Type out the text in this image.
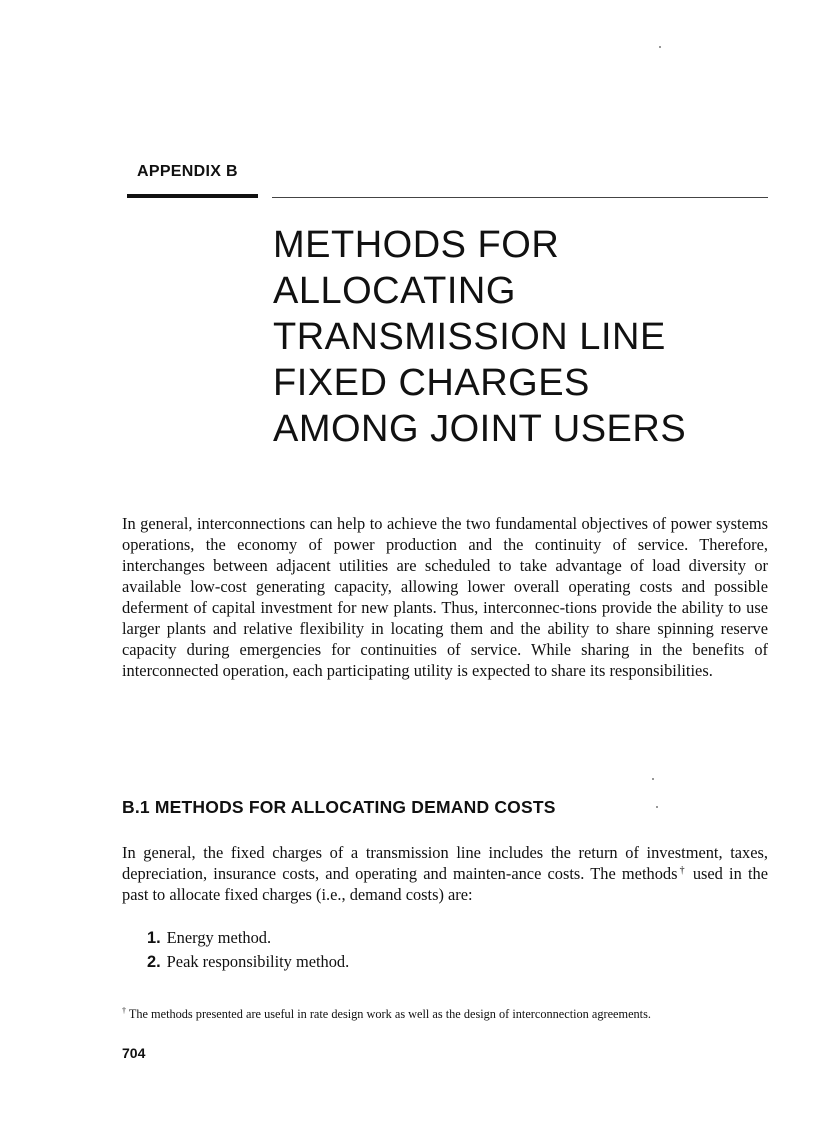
APPENDIX B
METHODS FOR
ALLOCATING
TRANSMISSION LINE
FIXED CHARGES
AMONG JOINT USERS

In general, interconnections can help to achieve the two fundamental objectives of power systems operations, the economy of power production and the continuity of service. Therefore, interchanges between adjacent utilities are scheduled to take advantage of load diversity or available low-cost generating capacity, allowing lower overall operating costs and possible deferment of capital investment for new plants. Thus, interconnec-tions provide the ability to use larger plants and relative flexibility in locating them and the ability to share spinning reserve capacity during emergencies for continuities of service. While sharing in the benefits of interconnected operation, each participating utility is expected to share its responsibilities.

B.1 METHODS FOR ALLOCATING DEMAND COSTS

In general, the fixed charges of a transmission line includes the return of investment, taxes, depreciation, insurance costs, and operating and mainten-ance costs. The methods† used in the past to allocate fixed charges (i.e., demand costs) are:

1. Energy method.
2. Peak responsibility method.
† The methods presented are useful in rate design work as well as the design of interconnection agreements.
704
